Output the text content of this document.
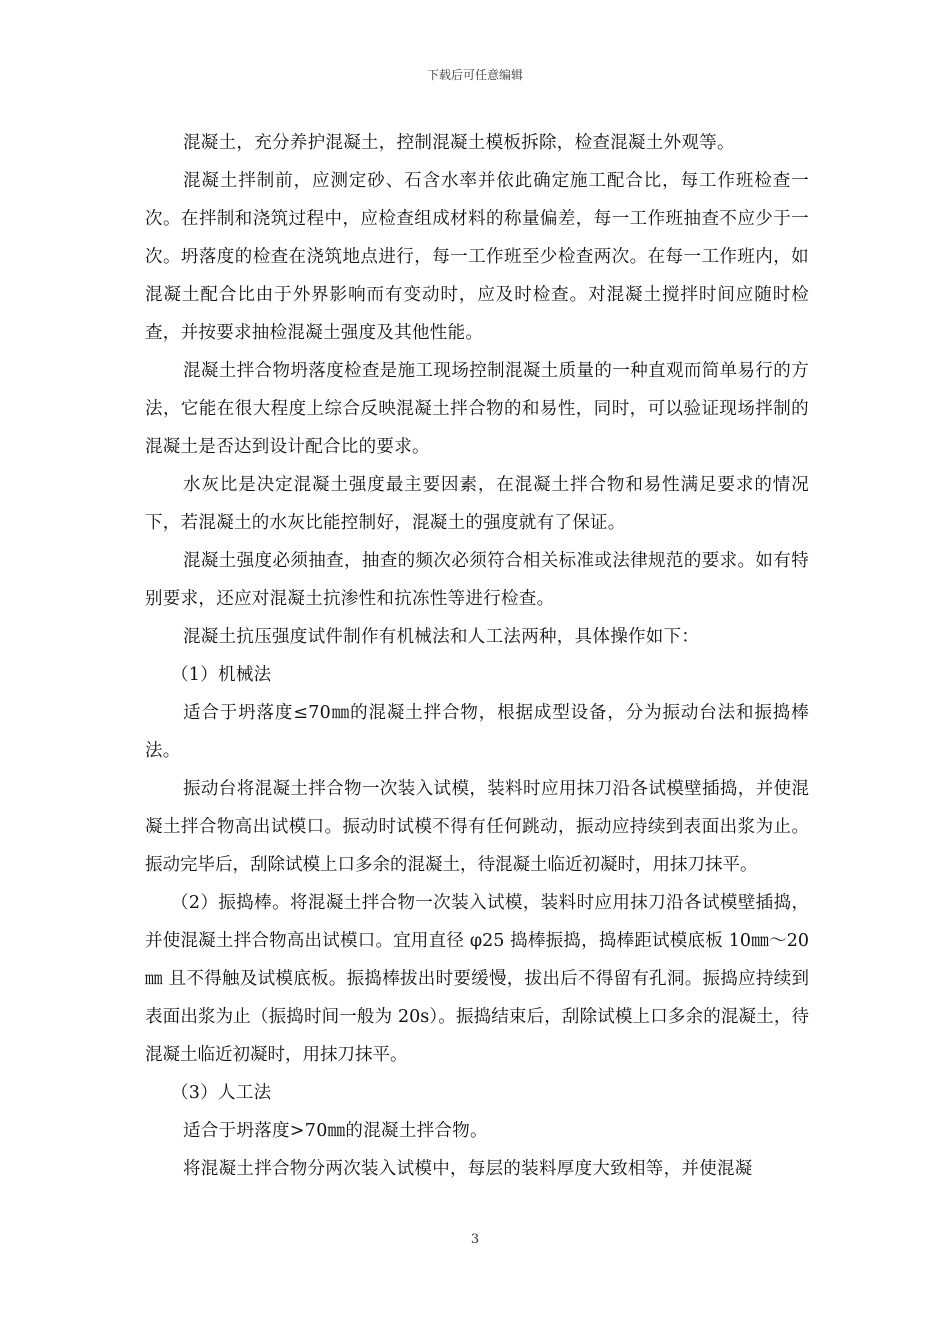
下载后可任意编辑

混凝土，充分养护混凝土，控制混凝土模板拆除，检查混凝土外观等。

混凝土拌制前，应测定砂、石含水率并依此确定施工配合比，每工作班检查一次。在拌制和浇筑过程中，应检查组成材料的称量偏差，每一工作班抽查不应少于一次。坍落度的检查在浇筑地点进行，每一工作班至少检查两次。在每一工作班内，如混凝土配合比由于外界影响而有变动时，应及时检查。对混凝土搅拌时间应随时检查，并按要求抽检混凝土强度及其他性能。

混凝土拌合物坍落度检查是施工现场控制混凝土质量的一种直观而简单易行的方法，它能在很大程度上综合反映混凝土拌合物的和易性，同时，可以验证现场拌制的混凝土是否达到设计配合比的要求。

水灰比是决定混凝土强度最主要因素，在混凝土拌合物和易性满足要求的情况下，若混凝土的水灰比能控制好，混凝土的强度就有了保证。

混凝土强度必须抽查，抽查的频次必须符合相关标准或法律规范的要求。如有特别要求，还应对混凝土抗渗性和抗冻性等进行检查。

混凝土抗压强度试件制作有机械法和人工法两种，具体操作如下：

（1）机械法

适合于坍落度≤70㎜的混凝土拌合物，根据成型设备，分为振动台法和振捣棒法。

振动台将混凝土拌合物一次装入试模，装料时应用抹刀沿各试模壁插捣，并使混凝土拌合物高出试模口。振动时试模不得有任何跳动，振动应持续到表面出浆为止。振动完毕后，刮除试模上口多余的混凝土，待混凝土临近初凝时，用抹刀抹平。

（2）振捣棒。将混凝土拌合物一次装入试模，装料时应用抹刀沿各试模壁插捣，并使混凝土拌合物高出试模口。宜用直径 φ25 捣棒振捣，捣棒距试模底板 10㎜～20㎜ 且不得触及试模底板。振捣棒拔出时要缓慢，拔出后不得留有孔洞。振捣应持续到表面出浆为止（振捣时间一般为 20s）。振捣结束后，刮除试模上口多余的混凝土，待混凝土临近初凝时，用抹刀抹平。

（3）人工法

适合于坍落度>70㎜的混凝土拌合物。

将混凝土拌合物分两次装入试模中，每层的装料厚度大致相等，并使混凝

3
